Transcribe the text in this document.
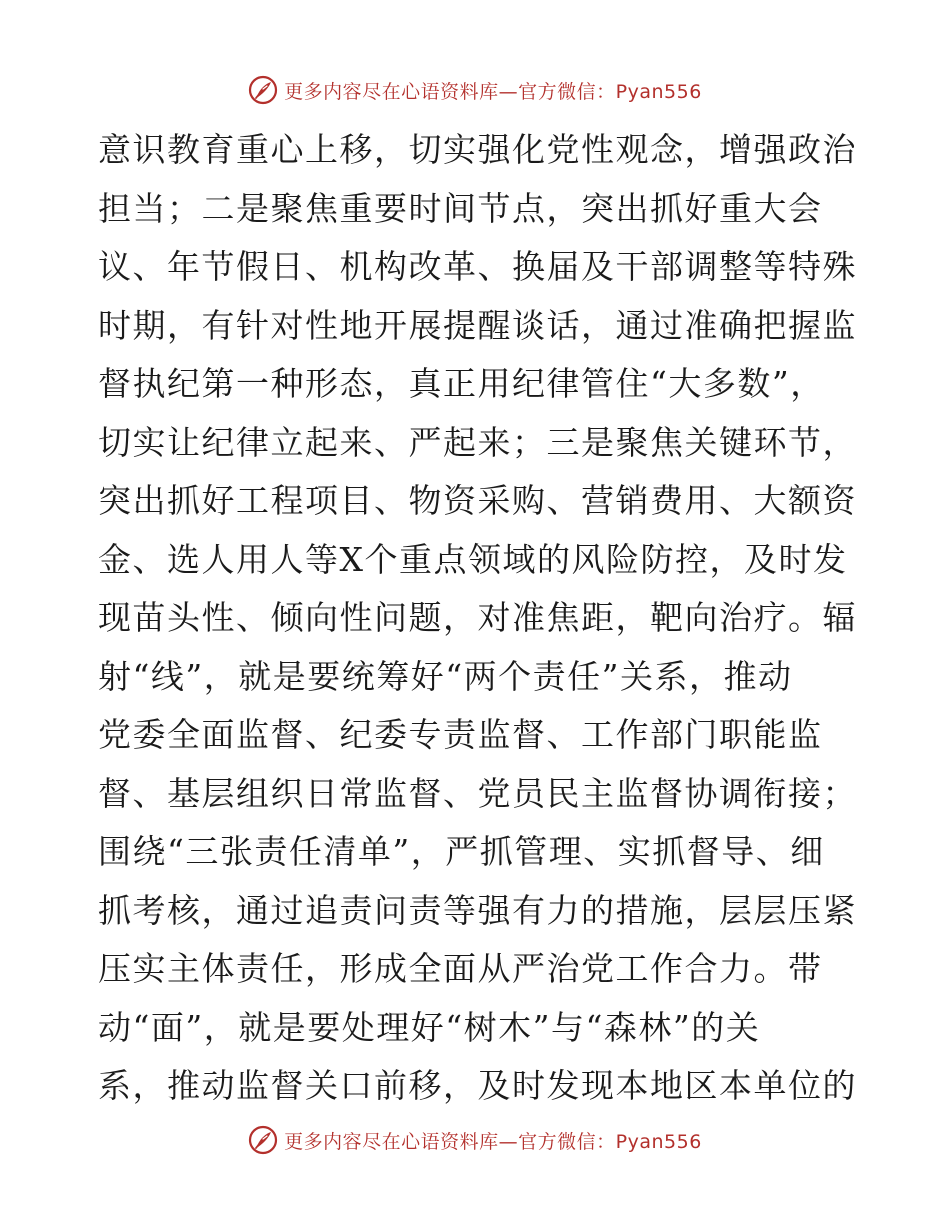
更多内容尽在心语资料库—官方微信：Pyan556
意识教育重心上移，切实强化党性观念，增强政治
担当；二是聚焦重要时间节点，突出抓好重大会
议、年节假日、机构改革、换届及干部调整等特殊
时期，有针对性地开展提醒谈话，通过准确把握监
督执纪第一种形态，真正用纪律管住“大多数”，
切实让纪律立起来、严起来；三是聚焦关键环节，
突出抓好工程项目、物资采购、营销费用、大额资
金、选人用人等X个重点领域的风险防控，及时发
现苗头性、倾向性问题，对准焦距，靶向治疗。辐
射“线”，就是要统筹好“两个责任”关系，推动
党委全面监督、纪委专责监督、工作部门职能监
督、基层组织日常监督、党员民主监督协调衔接；
围绕“三张责任清单”，严抓管理、实抓督导、细
抓考核，通过追责问责等强有力的措施，层层压紧
压实主体责任，形成全面从严治党工作合力。带
动“面”，就是要处理好“树木”与“森林”的关
系，推动监督关口前移，及时发现本地区本单位的
更多内容尽在心语资料库—官方微信：Pyan556
